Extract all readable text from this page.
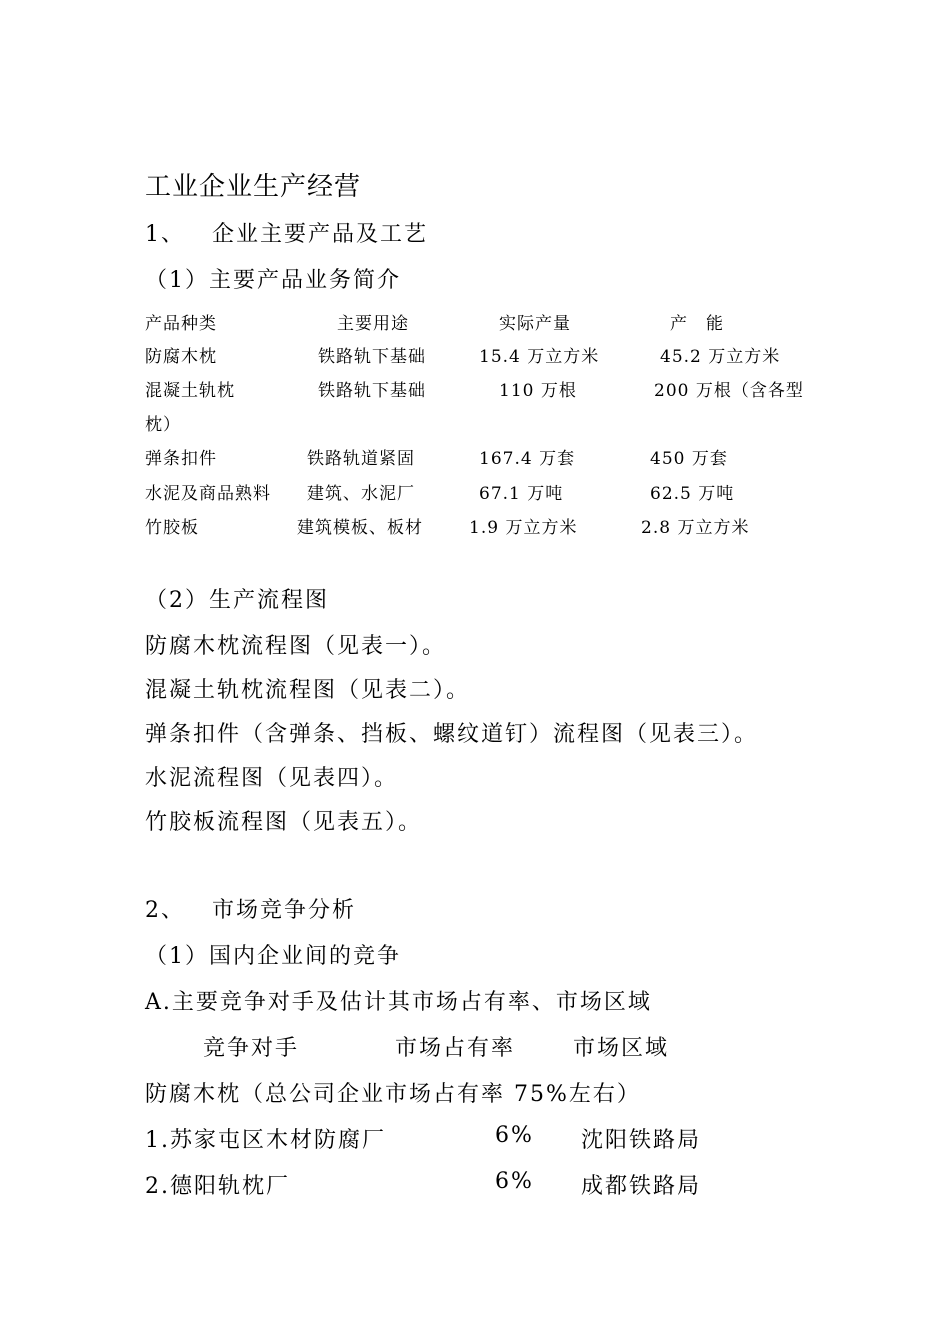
工业企业生产经营
1、 企业主要产品及工艺
（1）主要产品业务简介
产品种类	主要用途	实际产量	产　能
防腐木枕	铁路轨下基础	15.4 万立方米	45.2 万立方米
混凝土轨枕	铁路轨下基础	110 万根	200 万根（含各型
枕）
弹条扣件	铁路轨道紧固	167.4 万套	450 万套
水泥及商品熟料 建筑、水泥厂	67.1 万吨	62.5 万吨
竹胶板	建筑模板、板材	1.9 万立方米	2.8 万立方米
（2）生产流程图
防腐木枕流程图（见表一）。
混凝土轨枕流程图（见表二）。
弹条扣件（含弹条、挡板、螺纹道钉）流程图（见表三）。
水泥流程图（见表四）。
竹胶板流程图（见表五）。
2、 市场竞争分析
（1）国内企业间的竞争
A.主要竞争对手及估计其市场占有率、市场区域
竞争对手	市场占有率	市场区域
防腐木枕（总公司企业市场占有率 75%左右）
1.苏家屯区木材防腐厂	6% 沈阳铁路局
2.德阳轨枕厂	6% 成都铁路局
